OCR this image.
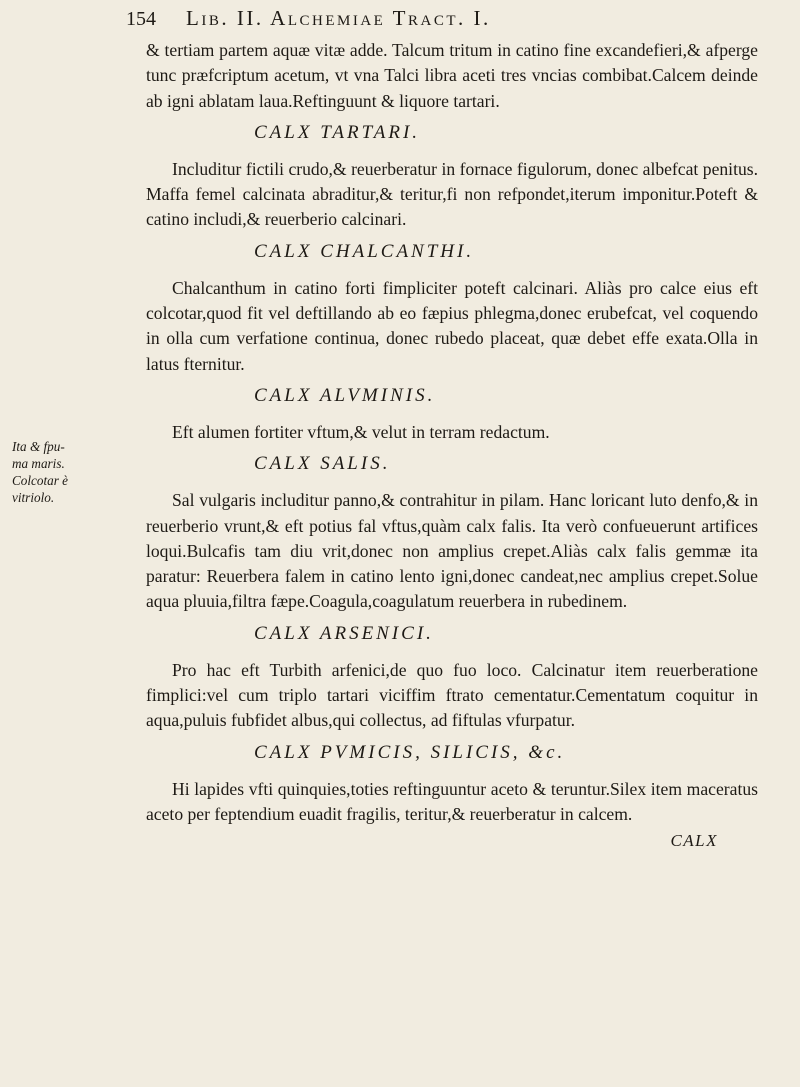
154	Lib. II. Alchemiae Tract. I.
Ita & fpu-
ma maris.
Colcotar è
vitriolo.

& tertiam partem aquæ vitæ adde. Talcum tritum in catino fine excandefieri,& afperge tunc præfcriptum acetum, vt vna Talci libra aceti tres vncias combibat.Calcem deinde ab igni ablatam laua.Reftinguunt & liquore tartari.

CALX TARTARI.

Includitur fictili crudo,& reuerberatur in fornace figulorum, donec albefcat penitus. Maffa femel calcinata abraditur,& teritur,fi non refpondet,iterum imponitur.Poteft & catino includi,& reuerberio calcinari.

CALX CHALCANTHI.

Chalcanthum in catino forti fimpliciter poteft calcinari. Aliàs pro calce eius eft colcotar,quod fit vel deftillando ab eo fæpius phlegma,donec erubefcat, vel coquendo in olla cum verfatione continua, donec rubedo placeat, quæ debet effe exata.Olla in latus fternitur.

CALX ALVMINIS.

Eft alumen fortiter vftum,& velut in terram redactum.

CALX SALIS.

Sal vulgaris includitur panno,& contrahitur in pilam. Hanc loricant luto denfo,& in reuerberio vrunt,& eft potius fal vftus,quàm calx falis. Ita verò confueuerunt artifices loqui.Bulcafis tam diu vrit,donec non amplius crepet.Aliàs calx falis gemmæ ita paratur: Reuerbera falem in catino lento igni,donec candeat,nec amplius crepet.Solue aqua pluuia,filtra fæpe.Coagula,coagulatum reuerbera in rubedinem.

CALX ARSENICI.

Pro hac eft Turbith arfenici,de quo fuo loco. Calcinatur item reuerberatione fimplici:vel cum triplo tartari viciffim ftrato cementatur.Cementatum coquitur in aqua,puluis fubfidet albus,qui collectus, ad fiftulas vfurpatur.

CALX PVMICIS, SILICIS, &c.

Hi lapides vfti quinquies,toties reftinguuntur aceto & teruntur.Silex item maceratus aceto per feptendium euadit fragilis, teritur,& reuerberatur in calcem.

CALX
